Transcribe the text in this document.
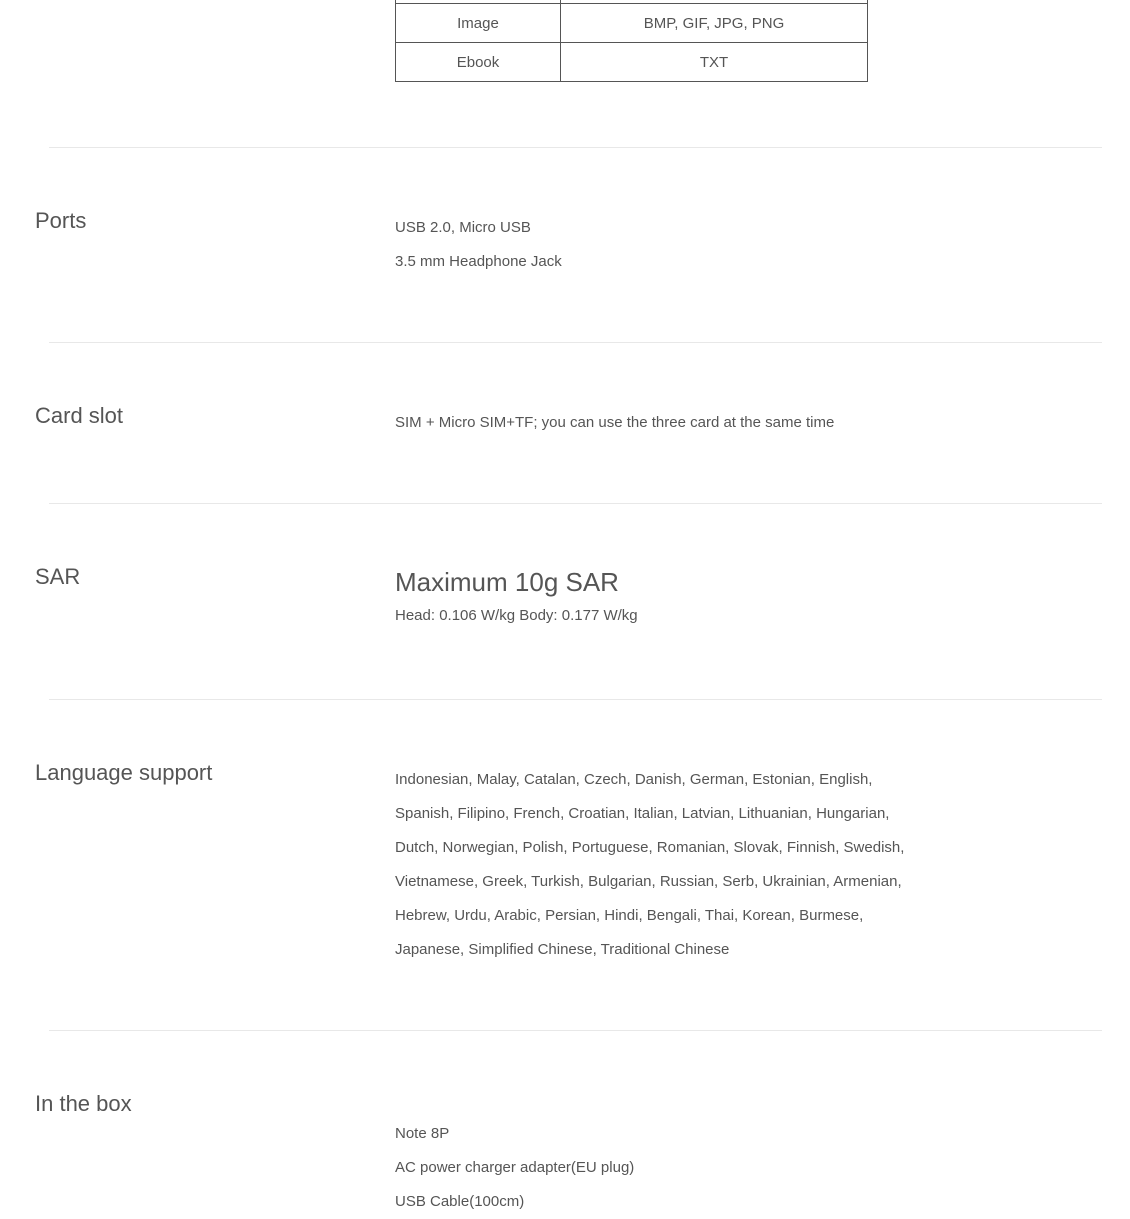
Image	BMP, GIF, JPG, PNG
Ebook	TXT
Ports	USB 2.0, Micro USB
3.5 mm Headphone Jack
Card slot	SIM + Micro SIM+TF; you can use the three card at the same time
SAR	Maximum 10g SAR
Head: 0.106 W/kg Body: 0.177 W/kg
Language support	Indonesian, Malay, Catalan, Czech, Danish, German, Estonian, English,
Spanish, Filipino, French, Croatian, Italian, Latvian, Lithuanian, Hungarian,
Dutch, Norwegian, Polish, Portuguese, Romanian, Slovak, Finnish, Swedish,
Vietnamese, Greek, Turkish, Bulgarian, Russian, Serb, Ukrainian, Armenian,
Hebrew, Urdu, Arabic, Persian, Hindi, Bengali, Thai, Korean, Burmese,
Japanese, Simplified Chinese, Traditional Chinese
In the box
Note 8P
AC power charger adapter(EU plug)
USB Cable(100cm)
